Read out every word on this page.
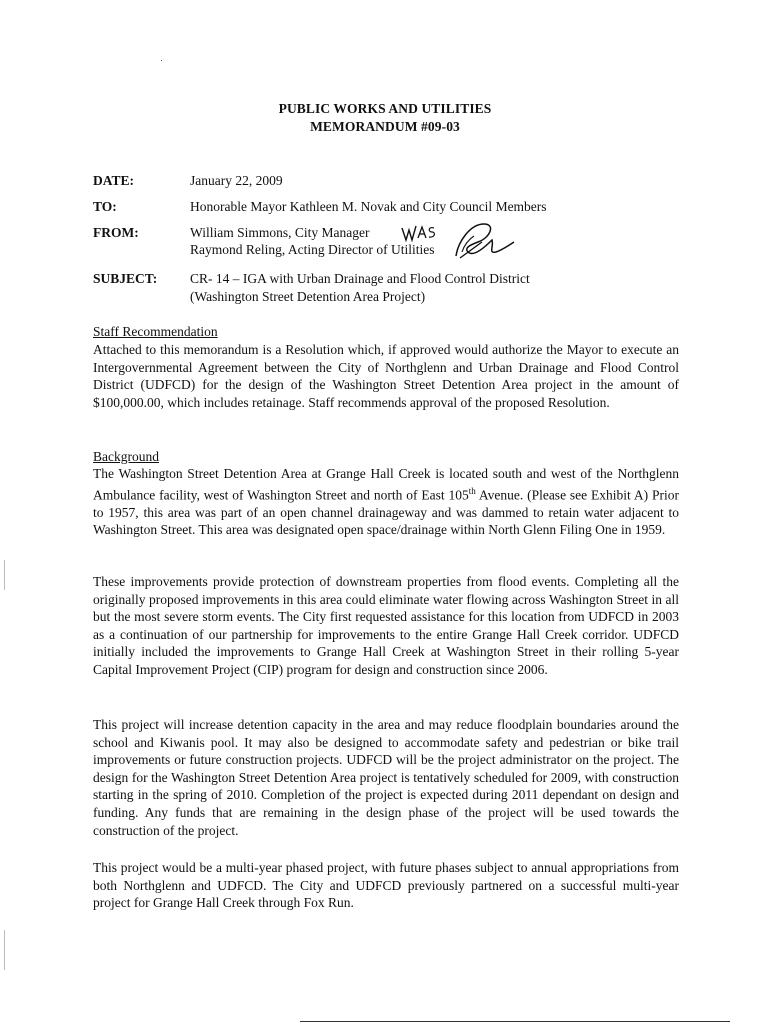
PUBLIC WORKS AND UTILITIES
MEMORANDUM #09-03
DATE:	January 22, 2009
TO:	Honorable Mayor Kathleen M. Novak and City Council Members
FROM:	William Simmons, City Manager
Raymond Reling, Acting Director of Utilities
SUBJECT: CR- 14 – IGA with Urban Drainage and Flood Control District
(Washington Street Detention Area Project)
Staff Recommendation
Attached to this memorandum is a Resolution which, if approved would authorize the Mayor to execute an Intergovernmental Agreement between the City of Northglenn and Urban Drainage and Flood Control District (UDFCD) for the design of the Washington Street Detention Area project in the amount of $100,000.00, which includes retainage. Staff recommends approval of the proposed Resolution.
Background
The Washington Street Detention Area at Grange Hall Creek is located south and west of the Northglenn Ambulance facility, west of Washington Street and north of East 105th Avenue. (Please see Exhibit A) Prior to 1957, this area was part of an open channel drainageway and was dammed to retain water adjacent to Washington Street. This area was designated open space/drainage within North Glenn Filing One in 1959.
These improvements provide protection of downstream properties from flood events. Completing all the originally proposed improvements in this area could eliminate water flowing across Washington Street in all but the most severe storm events. The City first requested assistance for this location from UDFCD in 2003 as a continuation of our partnership for improvements to the entire Grange Hall Creek corridor. UDFCD initially included the improvements to Grange Hall Creek at Washington Street in their rolling 5-year Capital Improvement Project (CIP) program for design and construction since 2006.
This project will increase detention capacity in the area and may reduce floodplain boundaries around the school and Kiwanis pool. It may also be designed to accommodate safety and pedestrian or bike trail improvements or future construction projects. UDFCD will be the project administrator on the project. The design for the Washington Street Detention Area project is tentatively scheduled for 2009, with construction starting in the spring of 2010. Completion of the project is expected during 2011 dependant on design and funding. Any funds that are remaining in the design phase of the project will be used towards the construction of the project.
This project would be a multi-year phased project, with future phases subject to annual appropriations from both Northglenn and UDFCD. The City and UDFCD previously partnered on a successful multi-year project for Grange Hall Creek through Fox Run.
